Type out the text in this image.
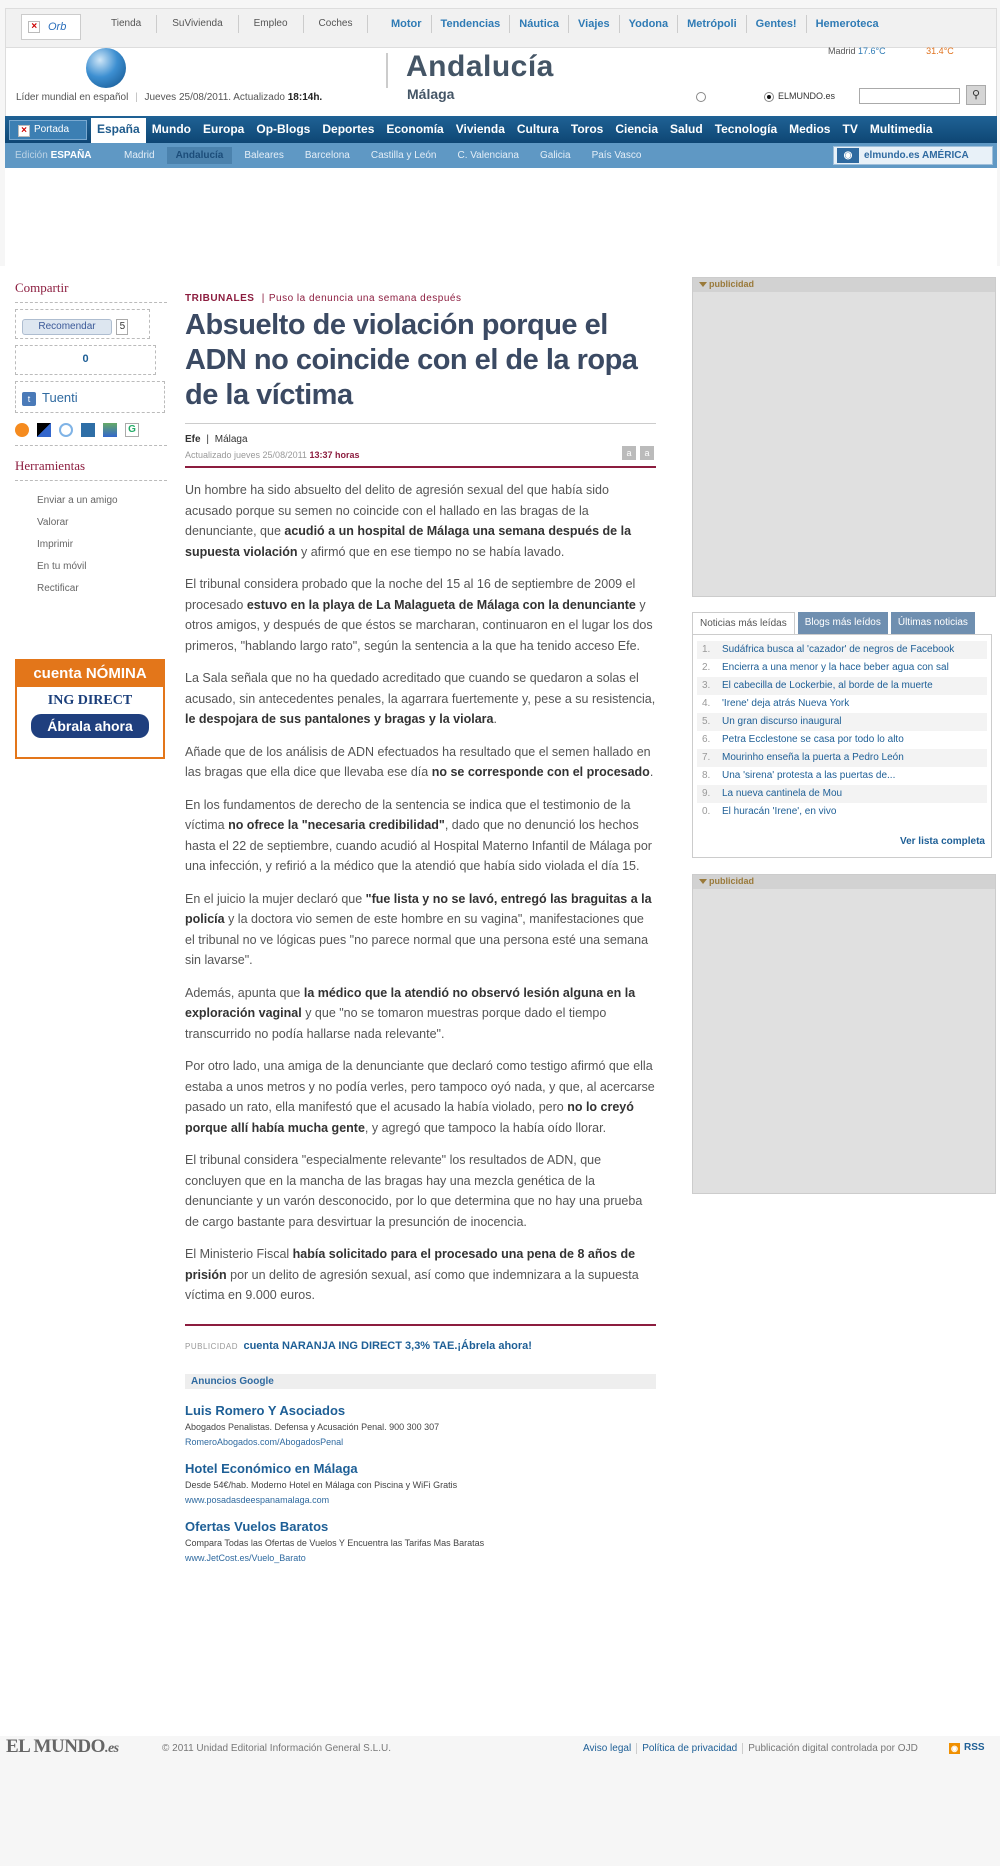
× Orb	Tienda	SuVivienda	Empleo	Coches	Motor	Tendencias	Náutica	Viajes	Yodona	Metrópoli	Gentes!	Hemeroteca
Líder mundial en español | Jueves 25/08/2011. Actualizado 18:14h.
Andalucía
Málaga
Madrid 17.6°C	31.4°C
ELMUNDO.es	⚲
× Portada	España	Mundo	Europa	Op-Blogs	Deportes	Economía	Vivienda	Cultura	Toros	Ciencia	Salud	Tecnología	Medios	TV	Multimedia
Edición ESPAÑA	Madrid	Andalucía	Baleares	Barcelona	Castilla y León	C. Valenciana	Galicia	País Vasco	◉	elmundo.es AMÉRICA
Compartir
Recomendar 5
0
t Tuenti
G
Herramientas
Enviar a un amigo
Valorar
Imprimir
En tu móvil
Rectificar
cuenta NÓMINA
ING DIRECT
Ábrala ahora
TRIBUNALES | Puso la denuncia una semana después
Absuelto de violación porque el ADN no coincide con el de la ropa de la víctima
Efe | Málaga
Actualizado jueves 25/08/2011 13:37 horas	a	a

Un hombre ha sido absuelto del delito de agresión sexual del que había sido acusado porque su semen no coincide con el hallado en las bragas de la denunciante, que acudió a un hospital de Málaga una semana después de la supuesta violación y afirmó que en ese tiempo no se había lavado.

El tribunal considera probado que la noche del 15 al 16 de septiembre de 2009 el procesado estuvo en la playa de La Malagueta de Málaga con la denunciante y otros amigos, y después de que éstos se marcharan, continuaron en el lugar los dos primeros, "hablando largo rato", según la sentencia a la que ha tenido acceso Efe.

La Sala señala que no ha quedado acreditado que cuando se quedaron a solas el acusado, sin antecedentes penales, la agarrara fuertemente y, pese a su resistencia, le despojara de sus pantalones y bragas y la violara.

Añade que de los análisis de ADN efectuados ha resultado que el semen hallado en las bragas que ella dice que llevaba ese día no se corresponde con el procesado.

En los fundamentos de derecho de la sentencia se indica que el testimonio de la víctima no ofrece la "necesaria credibilidad", dado que no denunció los hechos hasta el 22 de septiembre, cuando acudió al Hospital Materno Infantil de Málaga por una infección, y refirió a la médico que la atendió que había sido violada el día 15.

En el juicio la mujer declaró que "fue lista y no se lavó, entregó las braguitas a la policía y la doctora vio semen de este hombre en su vagina", manifestaciones que el tribunal no ve lógicas pues "no parece normal que una persona esté una semana sin lavarse".

Además, apunta que la médico que la atendió no observó lesión alguna en la exploración vaginal y que "no se tomaron muestras porque dado el tiempo transcurrido no podía hallarse nada relevante".

Por otro lado, una amiga de la denunciante que declaró como testigo afirmó que ella estaba a unos metros y no podía verles, pero tampoco oyó nada, y que, al acercarse pasado un rato, ella manifestó que el acusado la había violado, pero no lo creyó porque allí había mucha gente, y agregó que tampoco la había oído llorar.

El tribunal considera "especialmente relevante" los resultados de ADN, que concluyen que en la mancha de las bragas hay una mezcla genética de la denunciante y un varón desconocido, por lo que determina que no hay una prueba de cargo bastante para desvirtuar la presunción de inocencia.

El Ministerio Fiscal había solicitado para el procesado una pena de 8 años de prisión por un delito de agresión sexual, así como que indemnizara a la supuesta víctima en 9.000 euros.

PUBLICIDAD cuenta NARANJA ING DIRECT 3,3% TAE.¡Ábrela ahora!
Anuncios Google
Luis Romero Y Asociados
Abogados Penalistas. Defensa y Acusación Penal. 900 300 307
RomeroAbogados.com/AbogadosPenal
Hotel Económico en Málaga
Desde 54€/hab. Moderno Hotel en Málaga con Piscina y WiFi Gratis
www.posadasdeespanamalaga.com
Ofertas Vuelos Baratos
Compara Todas las Ofertas de Vuelos Y Encuentra las Tarifas Mas Baratas
www.JetCost.es/Vuelo_Barato
publicidad
Noticias más leídas	Blogs más leídos	Últimas noticias
1. Sudáfrica busca al 'cazador' de negros de Facebook
2. Encierra a una menor y la hace beber agua con sal
3. El cabecilla de Lockerbie, al borde de la muerte
4. 'Irene' deja atrás Nueva York
5. Un gran discurso inaugural
6. Petra Ecclestone se casa por todo lo alto
7. Mourinho enseña la puerta a Pedro León
8. Una 'sirena' protesta a las puertas de...
9. La nueva cantinela de Mou
0. El huracán 'Irene', en vivo
Ver lista completa
publicidad
EL MUNDO.es	© 2011 Unidad Editorial Información General S.L.U.	Aviso legal	Política de privacidad	Publicación digital controlada por OJD	◉ RSS
